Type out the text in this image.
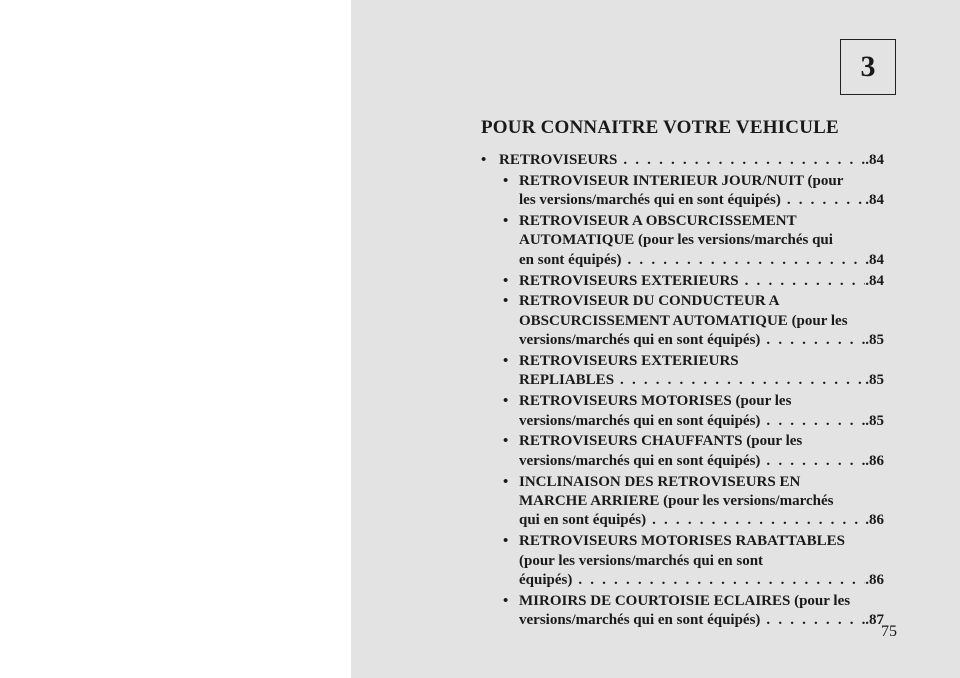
3
POUR CONNAITRE VOTRE VEHICULE
• RETROVISEURS . . .	.84
• RETROVISEUR INTERIEUR JOUR/NUIT (pour
les versions/marchés qui en sont équipés) . . .	.84
• RETROVISEUR A OBSCURCISSEMENT
AUTOMATIQUE (pour les versions/marchés qui
en sont équipés) . . .	.84
• RETROVISEURS EXTERIEURS . . .	.84
• RETROVISEUR DU CONDUCTEUR A
OBSCURCISSEMENT AUTOMATIQUE (pour les
versions/marchés qui en sont équipés) . . .	.85
• RETROVISEURS EXTERIEURS
REPLIABLES . . .	.85
• RETROVISEURS MOTORISES (pour les
versions/marchés qui en sont équipés) . . .	.85
• RETROVISEURS CHAUFFANTS (pour les
versions/marchés qui en sont équipés) . . .	.86
• INCLINAISON DES RETROVISEURS EN
MARCHE ARRIERE (pour les versions/marchés
qui en sont équipés) . . .	.86
• RETROVISEURS MOTORISES RABATTABLES
(pour les versions/marchés qui en sont
équipés) . . .	.86
• MIROIRS DE COURTOISIE ECLAIRES (pour les
versions/marchés qui en sont équipés) . . .	.87
75
